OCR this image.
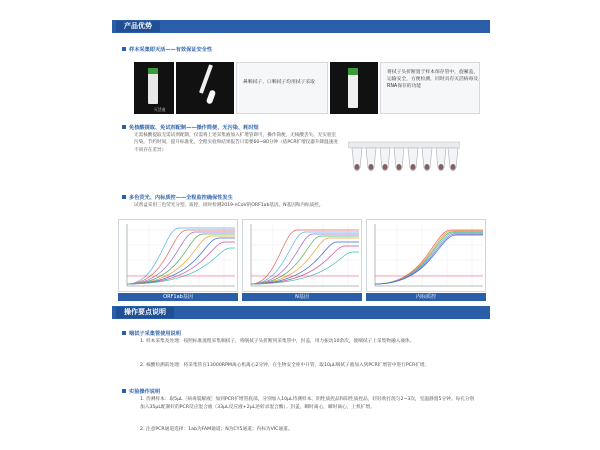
产品优势
样本采集即灭活——有效保证安全性
灭活液
鼻咽拭子、口咽拭子均用拭子采取
将拭子头折断置于样本保存管中，旋紧盖，运输安全，方便检测，同时具有灭活病毒及RNA保存的功能
免核酸提取、免试剂配制——操作简便、无污染、耗时短
无需核酸提取无需试剂配制，仅需将上述采集液加入扩增管即可，操作简便，无核酸丢失、无实验室污染。节约时间，提升标准化，全程实验和结果报告只需要60~80分钟（依PCR扩增仪器升降温速度不同存在差异）
多色荧光、内标质控——全程监控确保性发生
试剂盒采用三色荧光分型、质控，同时检测2019-nCoV的ORF1ab基因、N基因和内标质控。
ORF1ab基因	N基因	内标质控
操作要点说明
咽拭子采集管使用说明
1. 样本采集及处理：按照标准流程采集咽拭子，将咽拭子头折断到采集管中，封盖，用力振动10余次，使咽拭子上采集物融入液体。
2. 核酸检测前处理：将采集管在13000RPM离心机离心2分钟，在生物安全柜中开管，取10μL咽拭子液加入到PCR扩增管中进行PCR扩增。
实验操作说明
1. 待测样本：取5μL［病毒裂解液］加到PCR扩增管底部，分别加入10μL待测样本、阴性质控品和阳性质控品，轻轻吹打混匀2~3次，室温静置5分钟。每孔分别加入35μL配制好的PCR反应混合液（33μL反应液+2μL逆转录混合酶）。封盖，瞬时离心，瞬时离心，上机扩增。
2. 注意PCR通道选择：1ab为FAM通道；N为CY5通道；内标为VIC通道。
